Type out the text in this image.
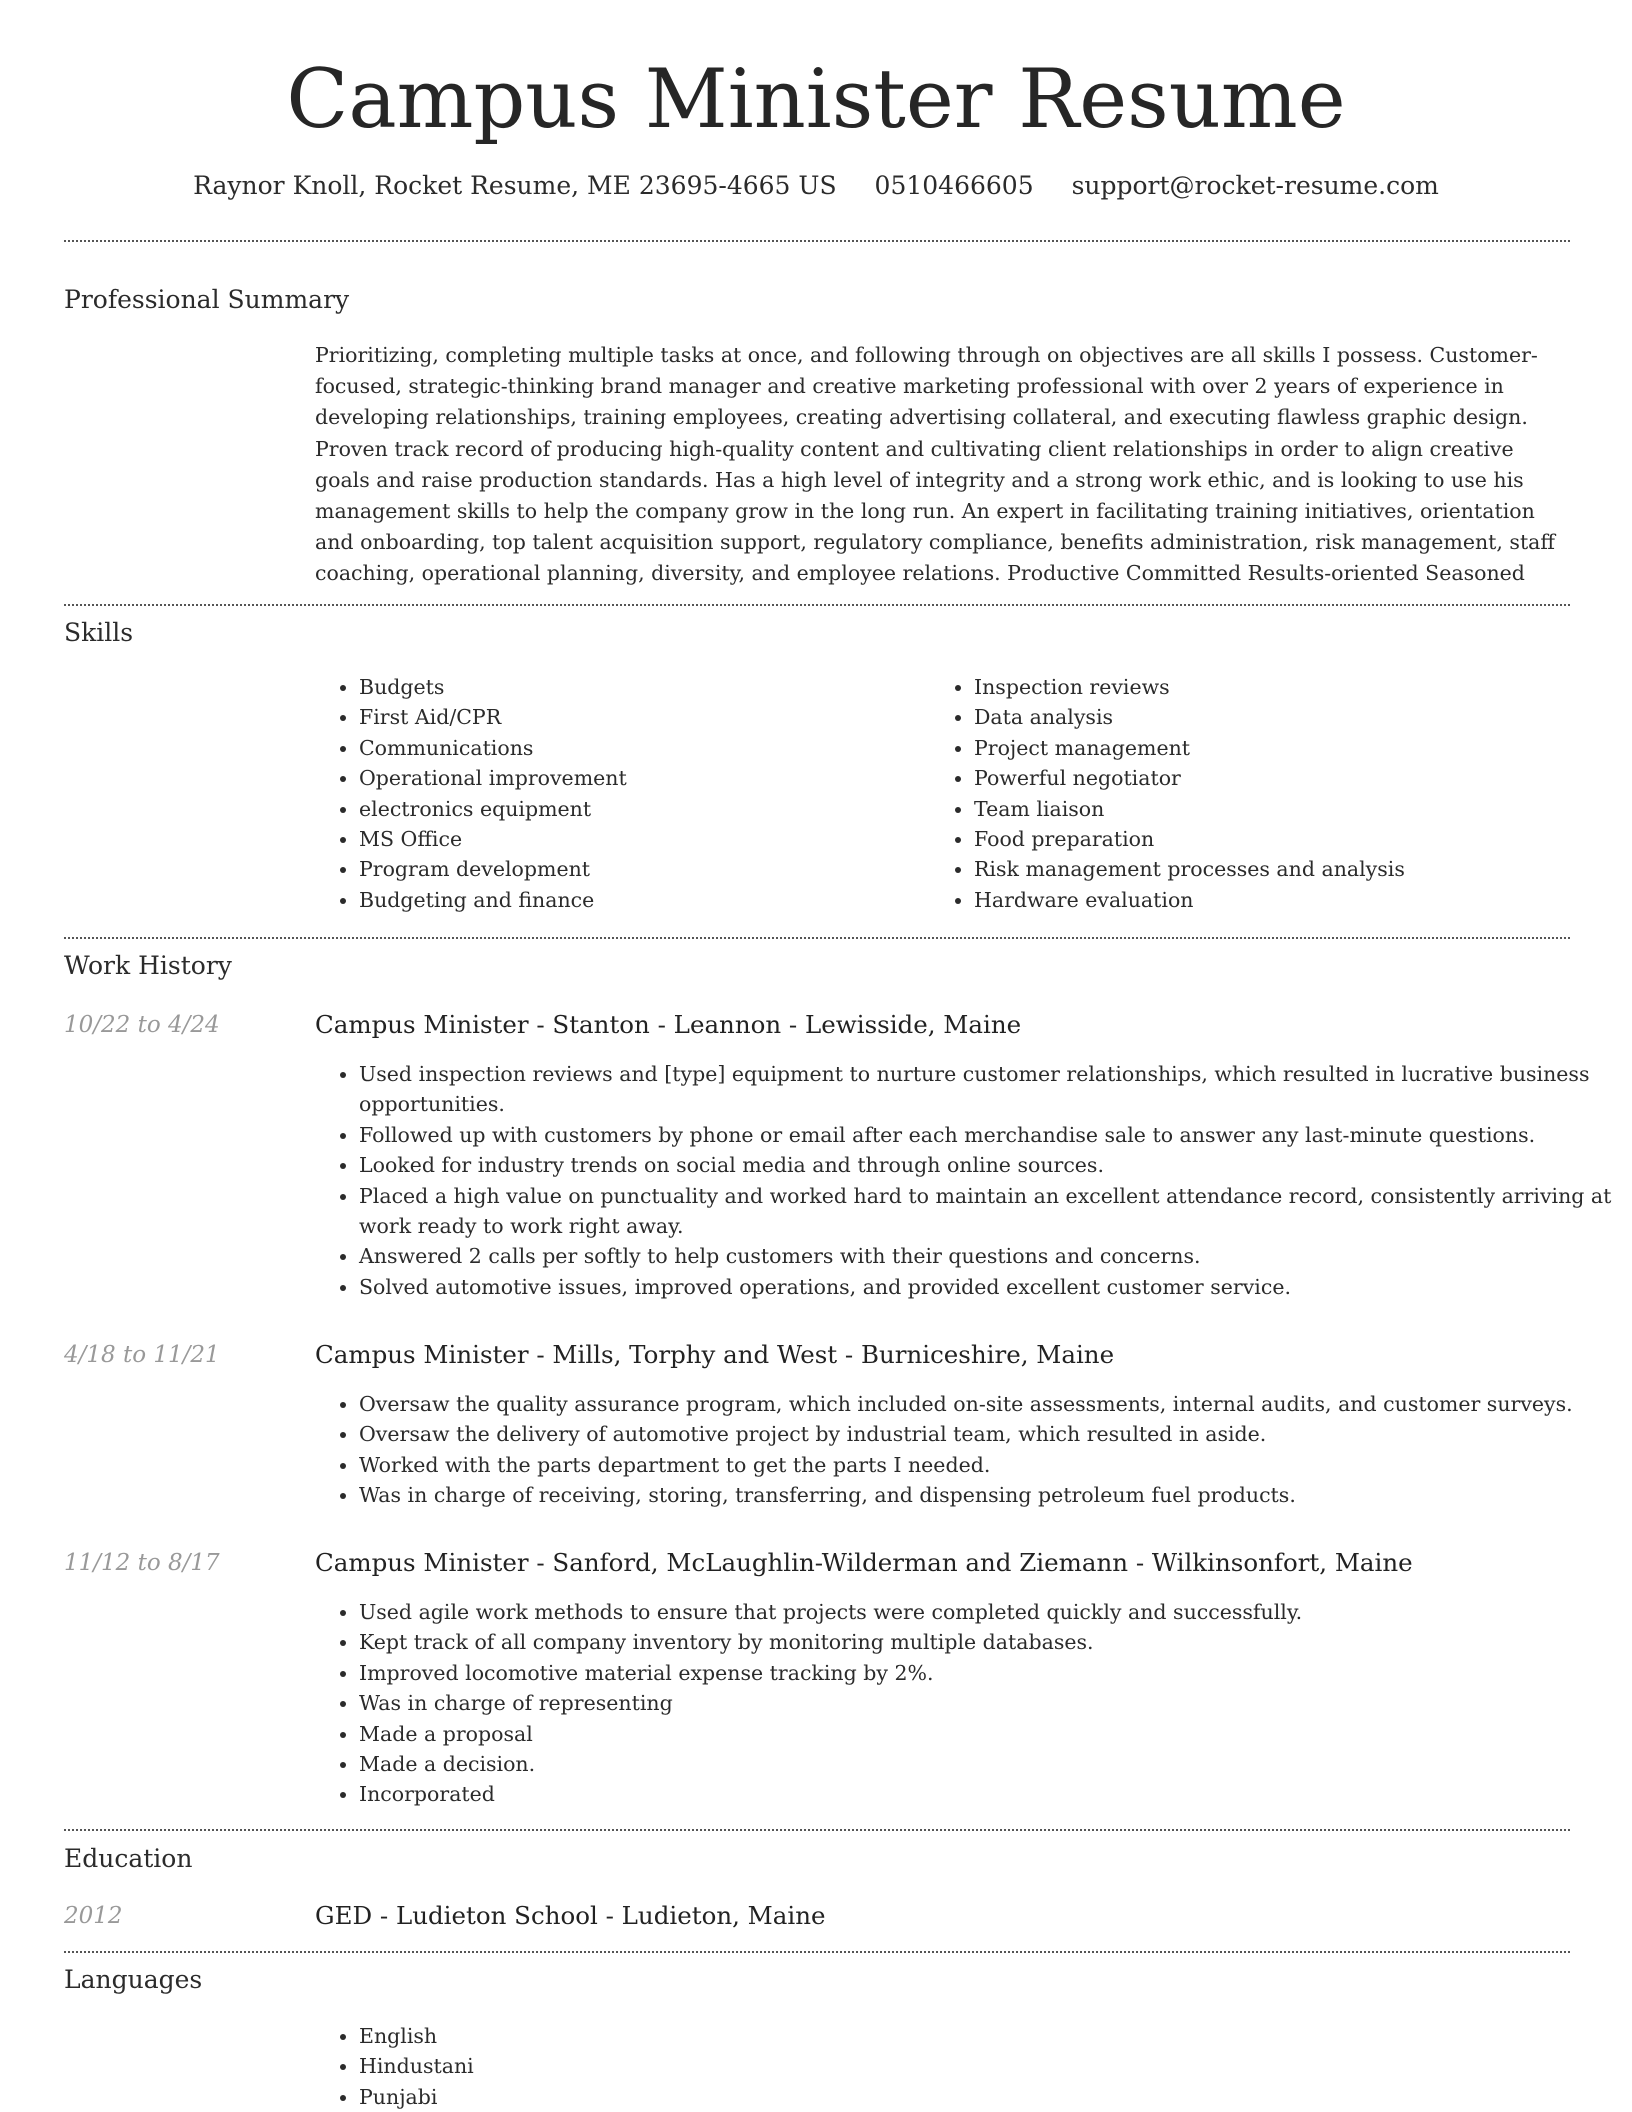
Campus Minister Resume
Raynor Knoll, Rocket Resume, ME 23695-4665 US 0510466605 support@rocket-resume.com
Professional Summary

Prioritizing, completing multiple tasks at once, and following through on objectives are all skills I possess. Customer-focused, strategic-thinking brand manager and creative marketing professional with over 2 years of experience in developing relationships, training employees, creating advertising collateral, and executing flawless graphic design. Proven track record of producing high-quality content and cultivating client relationships in order to align creative goals and raise production standards. Has a high level of integrity and a strong work ethic, and is looking to use his management skills to help the company grow in the long run. An expert in facilitating training initiatives, orientation and onboarding, top talent acquisition support, regulatory compliance, benefits administration, risk management, staff coaching, operational planning, diversity, and employee relations. Productive Committed Results-oriented Seasoned

Skills
• Budgets
• First Aid/CPR
• Communications
• Operational improvement
• electronics equipment
• MS Office
• Program development
• Budgeting and finance
• Inspection reviews
• Data analysis
• Project management
• Powerful negotiator
• Team liaison
• Food preparation
• Risk management processes and analysis
• Hardware evaluation
Work History
10/22 to 4/24	Campus Minister - Stanton - Leannon - Lewisside, Maine
• Used inspection reviews and [type] equipment to nurture customer relationships, which resulted in lucrative business opportunities.
• Followed up with customers by phone or email after each merchandise sale to answer any last-minute questions.
• Looked for industry trends on social media and through online sources.
• Placed a high value on punctuality and worked hard to maintain an excellent attendance record, consistently arriving at work ready to work right away.
• Answered 2 calls per softly to help customers with their questions and concerns.
• Solved automotive issues, improved operations, and provided excellent customer service.
4/18 to 11/21	Campus Minister - Mills, Torphy and West - Burniceshire, Maine
• Oversaw the quality assurance program, which included on-site assessments, internal audits, and customer surveys.
• Oversaw the delivery of automotive project by industrial team, which resulted in aside.
• Worked with the parts department to get the parts I needed.
• Was in charge of receiving, storing, transferring, and dispensing petroleum fuel products.
11/12 to 8/17	Campus Minister - Sanford, McLaughlin-Wilderman and Ziemann - Wilkinsonfort, Maine
• Used agile work methods to ensure that projects were completed quickly and successfully.
• Kept track of all company inventory by monitoring multiple databases.
• Improved locomotive material expense tracking by 2%.
• Was in charge of representing
• Made a proposal
• Made a decision.
• Incorporated
Education
2012	GED - Ludieton School - Ludieton, Maine
Languages
• English
• Hindustani
• Punjabi
